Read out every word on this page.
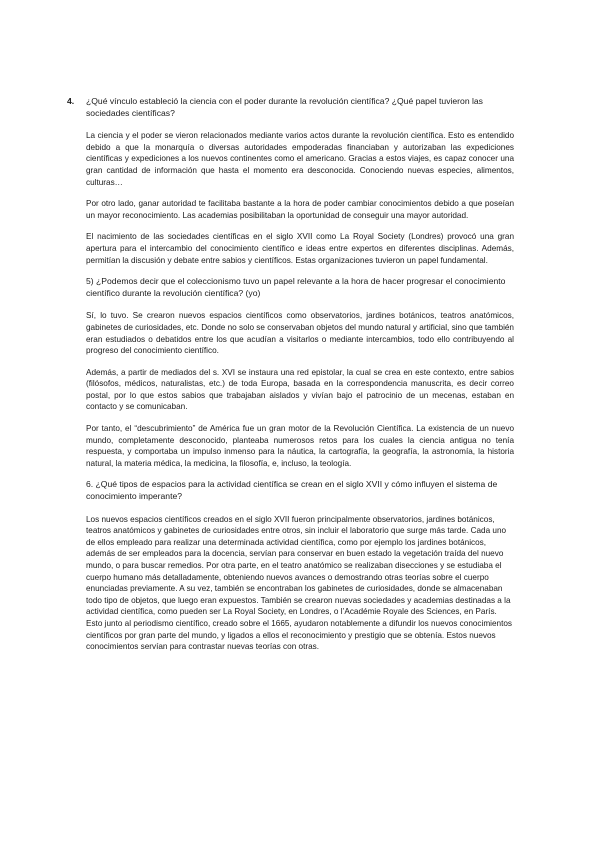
4.	¿Qué vínculo estableció la ciencia con el poder durante la revolución científica? ¿Qué papel tuvieron las sociedades científicas?

La ciencia y el poder se vieron relacionados mediante varios actos durante la revolución científica. Esto es entendido debido a que la monarquía o diversas autoridades empoderadas financiaban y autorizaban las expediciones científicas y expediciones a los nuevos continentes como el americano. Gracias a estos viajes, es capaz conocer una gran cantidad de información que hasta el momento era desconocida. Conociendo nuevas especies, alimentos, culturas…

Por otro lado, ganar autoridad te facilitaba bastante a la hora de poder cambiar conocimientos debido a que poseían un mayor reconocimiento. Las academias posibilitaban la oportunidad de conseguir una mayor autoridad.

El nacimiento de las sociedades científicas en el siglo XVII como La Royal Society (Londres) provocó una gran apertura para el intercambio del conocimiento científico e ideas entre expertos en diferentes disciplinas. Además, permitían la discusión y debate entre sabios y científicos. Estas organizaciones tuvieron un papel fundamental.

5) ¿Podemos decir que el coleccionismo tuvo un papel relevante a la hora de hacer progresar el conocimiento científico durante la revolución científica? (yo)

Sí, lo tuvo. Se crearon nuevos espacios científicos como observatorios, jardines botánicos, teatros anatómicos, gabinetes de curiosidades, etc. Donde no solo se conservaban objetos del mundo natural y artificial, sino que también eran estudiados o debatidos entre los que acudían a visitarlos o mediante intercambios, todo ello contribuyendo al progreso del conocimiento científico.

Además, a partir de mediados del s. XVI se instaura una red epistolar, la cual se crea en este contexto, entre sabios (filósofos, médicos, naturalistas, etc.) de toda Europa, basada en la correspondencia manuscrita, es decir correo postal, por lo que estos sabios que trabajaban aislados y vivían bajo el patrocinio de un mecenas, estaban en contacto y se comunicaban.

Por tanto, el “descubrimiento” de América fue un gran motor de la Revolución Científica. La existencia de un nuevo mundo, completamente desconocido, planteaba numerosos retos para los cuales la ciencia antigua no tenía respuesta, y comportaba un impulso inmenso para la náutica, la cartografía, la geografía, la astronomía, la historia natural, la materia médica, la medicina, la filosofía, e, incluso, la teología.

6. ¿Qué tipos de espacios para la actividad científica se crean en el siglo XVII y cómo influyen el sistema de conocimiento imperante?

Los nuevos espacios científicos creados en el siglo XVII fueron principalmente observatorios, jardines botánicos, teatros anatómicos y gabinetes de curiosidades entre otros, sin incluir el laboratorio que surge más tarde. Cada uno de ellos empleado para realizar una determinada actividad científica, como por ejemplo los jardines botánicos, además de ser empleados para la docencia, servían para conservar en buen estado la vegetación traída del nuevo mundo, o para buscar remedios. Por otra parte, en el teatro anatómico se realizaban disecciones y se estudiaba el cuerpo humano más detalladamente, obteniendo nuevos avances o demostrando otras teorías sobre el cuerpo enunciadas previamente. A su vez, también se encontraban los gabinetes de curiosidades, donde se almacenaban todo tipo de objetos, que luego eran expuestos. También se crearon nuevas sociedades y academias destinadas a la actividad científica, como pueden ser La Royal Society, en Londres, o l’Académie Royale des Sciences, en París. Esto junto al periodismo científico, creado sobre el 1665, ayudaron notablemente a difundir los nuevos conocimientos científicos por gran parte del mundo, y ligados a ellos el reconocimiento y prestigio que se obtenía. Estos nuevos conocimientos servían para contrastar nuevas teorías con otras.
